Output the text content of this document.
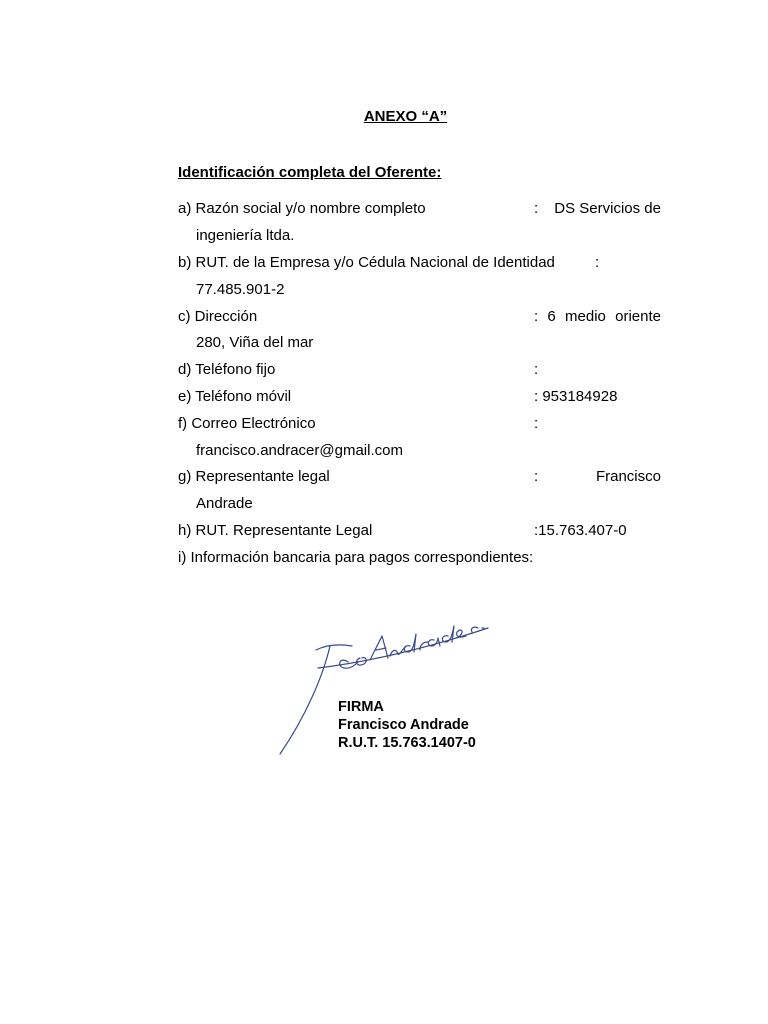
ANEXO “A”
Identificación completa del Oferente:
a) Razón social y/o nombre completo	: DS Servicios de
ingeniería ltda.
b) RUT. de la Empresa y/o Cédula Nacional de Identidad	:
77.485.901-2
c) Dirección	: 6 medio oriente
280, Viña del mar
d) Teléfono fijo	:
e) Teléfono móvil	: 953184928
f) Correo Electrónico	:
francisco.andracer@gmail.com
g) Representante legal	:	Francisco
Andrade
h) RUT. Representante Legal	:15.763.407-0
i) Información bancaria para pagos correspondientes:
FIRMA
Francisco Andrade
R.U.T. 15.763.1407-0
